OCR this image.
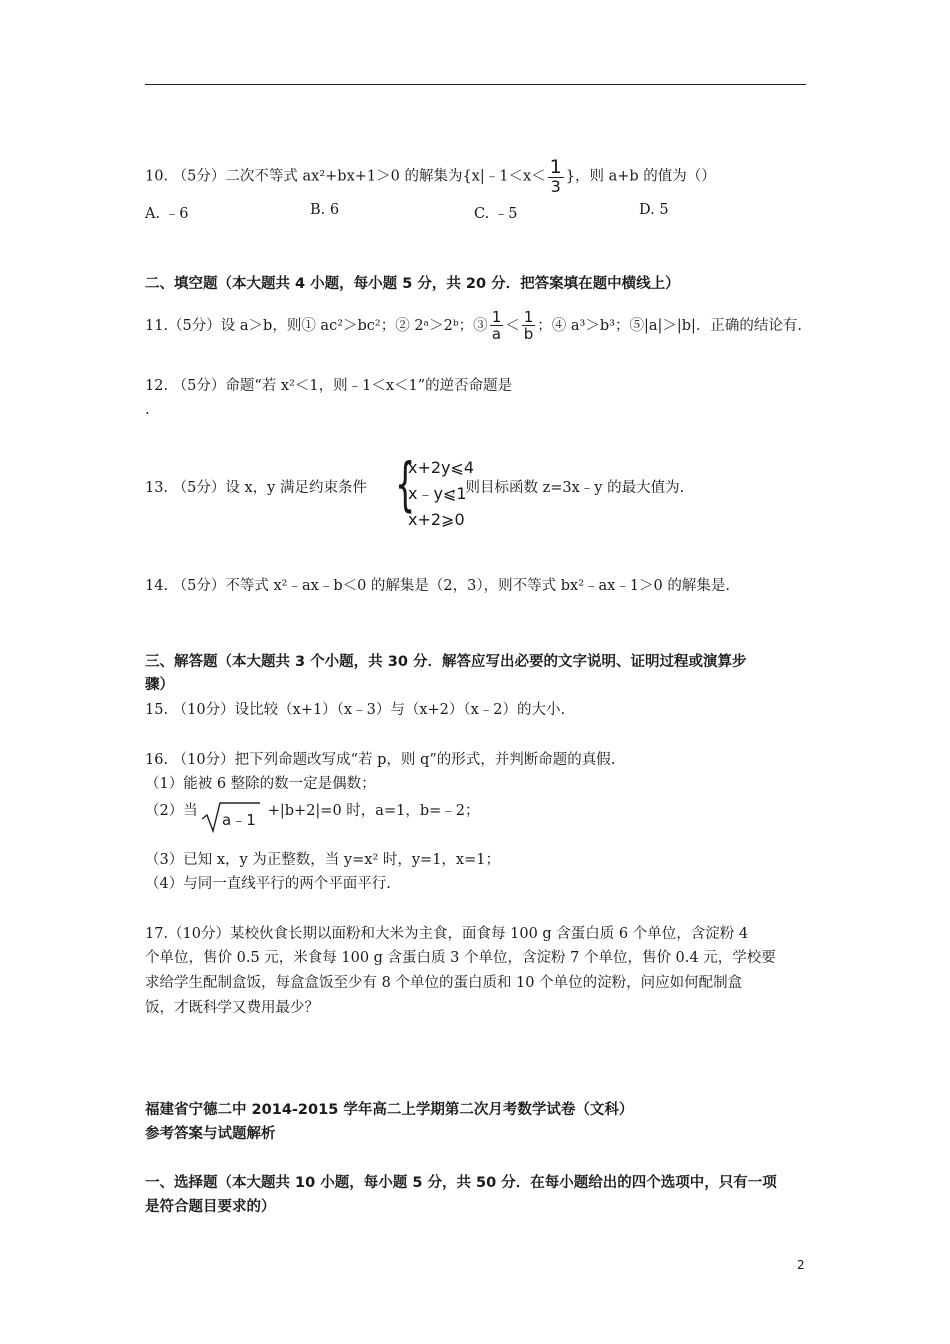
10. （5分）二次不等式 ax²+bx+1＞0 的解集为{x|﹣1＜x＜ $\frac{1}{3}$ }，则 a+b 的值为（）
A. ﹣6	B. 6	C. ﹣5	D. 5
二、填空题（本大题共 4 小题，每小题 5 分，共 20 分．把答案填在题中横线上）
11.（5分）设 a＞b，则① ac²＞bc²；② 2ᵃ＞2ᵇ；③ $\frac{1}{a} < \frac{1}{b}$ ；④ a³＞b³；⑤|a|＞|b|．正确的结论有.
12. （5分）命题“若 x²＜1，则﹣1＜x＜1”的逆否命题是
.
13. （5分）设 x，y 满足约束条件	，则目标函数 z=3x﹣y 的最大值为.
{
x+2y⩽4
x﹣y⩽1
x+2⩾0
14. （5分）不等式 x²﹣ax﹣b＜0 的解集是（2，3），则不等式 bx²﹣ax﹣1＞0 的解集是.
三、解答题（本大题共 3 个小题，共 30 分．解答应写出必要的文字说明、证明过程或演算步
骤）
15. （10分）设比较（x+1）（x﹣3）与（x+2）（x﹣2）的大小.
16. （10分）把下列命题改写成“若 p，则 q”的形式，并判断命题的真假.
（1）能被 6 整除的数一定是偶数；
（2）当	+|b+2|=0 时，a=1，b=﹣2；
a﹣1
（3）已知 x，y 为正整数，当 y=x² 时，y=1，x=1；
（4）与同一直线平行的两个平面平行.
17.（10分）某校伙食长期以面粉和大米为主食，面食每 100 g 含蛋白质 6 个单位，含淀粉 4
个单位，售价 0.5 元，米食每 100 g 含蛋白质 3 个单位，含淀粉 7 个单位，售价 0.4 元，学校要
求给学生配制盒饭，每盒盒饭至少有 8 个单位的蛋白质和 10 个单位的淀粉，问应如何配制盒
饭，才既科学又费用最少？
福建省宁德二中 2014-2015 学年高二上学期第二次月考数学试卷（文科）
参考答案与试题解析
一、选择题（本大题共 10 小题，每小题 5 分，共 50 分．在每小题给出的四个选项中，只有一项
是符合题目要求的）
2
